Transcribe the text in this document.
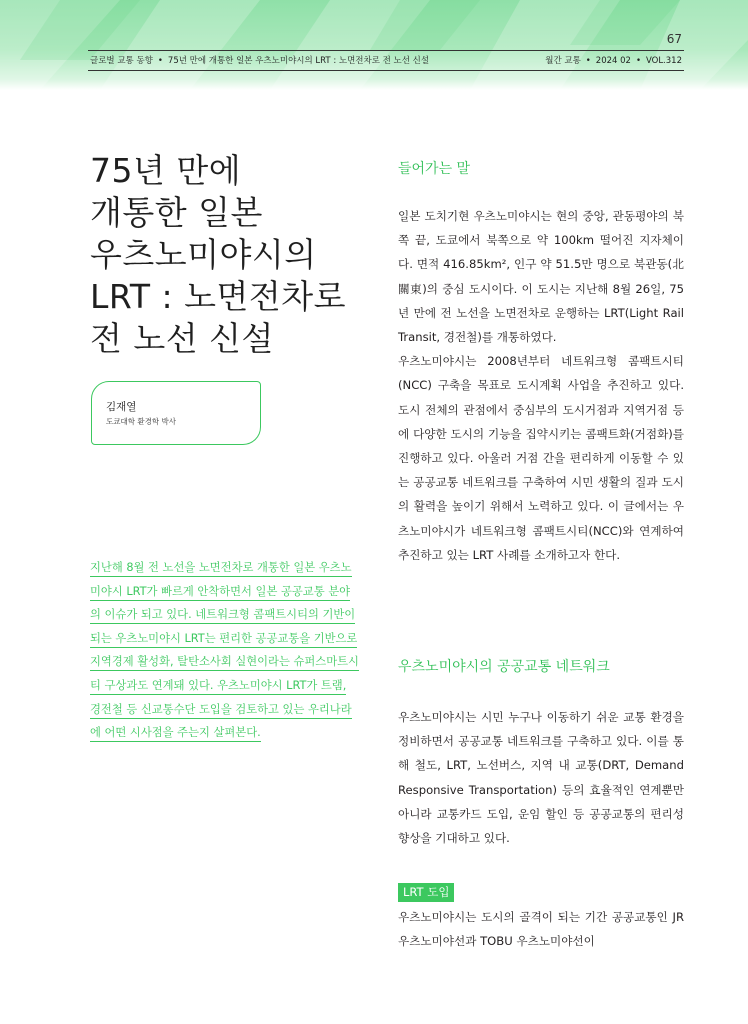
67
글로벌 교통 동향 • 75년 만에 개통한 일본 우츠노미야시의 LRT : 노면전차로 전 노선 신설	월간 교통 • 2024 02 • VOL.312
75년 만에
개통한 일본
우츠노미야시의
LRT : 노면전차로
전 노선 신설
김재열
도쿄대학 환경학 박사
지난해 8월 전 노선을 노면전차로 개통한 일본 우츠노미야시 LRT가 빠르게 안착하면서 일본 공공교통 분야의 이슈가 되고 있다. 네트워크형 콤팩트시티의 기반이 되는 우츠노미야시 LRT는 편리한 공공교통을 기반으로 지역경제 활성화, 탈탄소사회 실현이라는 슈퍼스마트시티 구상과도 연계돼 있다. 우츠노미야시 LRT가 트램, 경전철 등 신교통수단 도입을 검토하고 있는 우리나라에 어떤 시사점을 주는지 살펴본다.
들어가는 말

일본 도치기현 우츠노미야시는 현의 중앙, 관동평야의 북쪽 끝, 도쿄에서 북쪽으로 약 100km 떨어진 지자체이다. 면적 416.85km², 인구 약 51.5만 명으로 북관동(北關東)의 중심 도시이다. 이 도시는 지난해 8월 26일, 75년 만에 전 노선을 노면전차로 운행하는 LRT(Light Rail Transit, 경전철)를 개통하였다.

우츠노미야시는 2008년부터 네트워크형 콤팩트시티(NCC) 구축을 목표로 도시계획 사업을 추진하고 있다. 도시 전체의 관점에서 중심부의 도시거점과 지역거점 등에 다양한 도시의 기능을 집약시키는 콤팩트화(거점화)를 진행하고 있다. 아울러 거점 간을 편리하게 이동할 수 있는 공공교통 네트워크를 구축하여 시민 생활의 질과 도시의 활력을 높이기 위해서 노력하고 있다. 이 글에서는 우츠노미야시가 네트워크형 콤팩트시티(NCC)와 연계하여 추진하고 있는 LRT 사례를 소개하고자 한다.

우츠노미야시의 공공교통 네트워크

우츠노미야시는 시민 누구나 이동하기 쉬운 교통 환경을 정비하면서 공공교통 네트워크를 구축하고 있다. 이를 통해 철도, LRT, 노선버스, 지역 내 교통(DRT, Demand Responsive Transportation) 등의 효율적인 연계뿐만 아니라 교통카드 도입, 운임 할인 등 공공교통의 편리성 향상을 기대하고 있다.

LRT 도입

우츠노미야시는 도시의 골격이 되는 기간 공공교통인 JR 우츠노미야선과 TOBU 우츠노미야선이
